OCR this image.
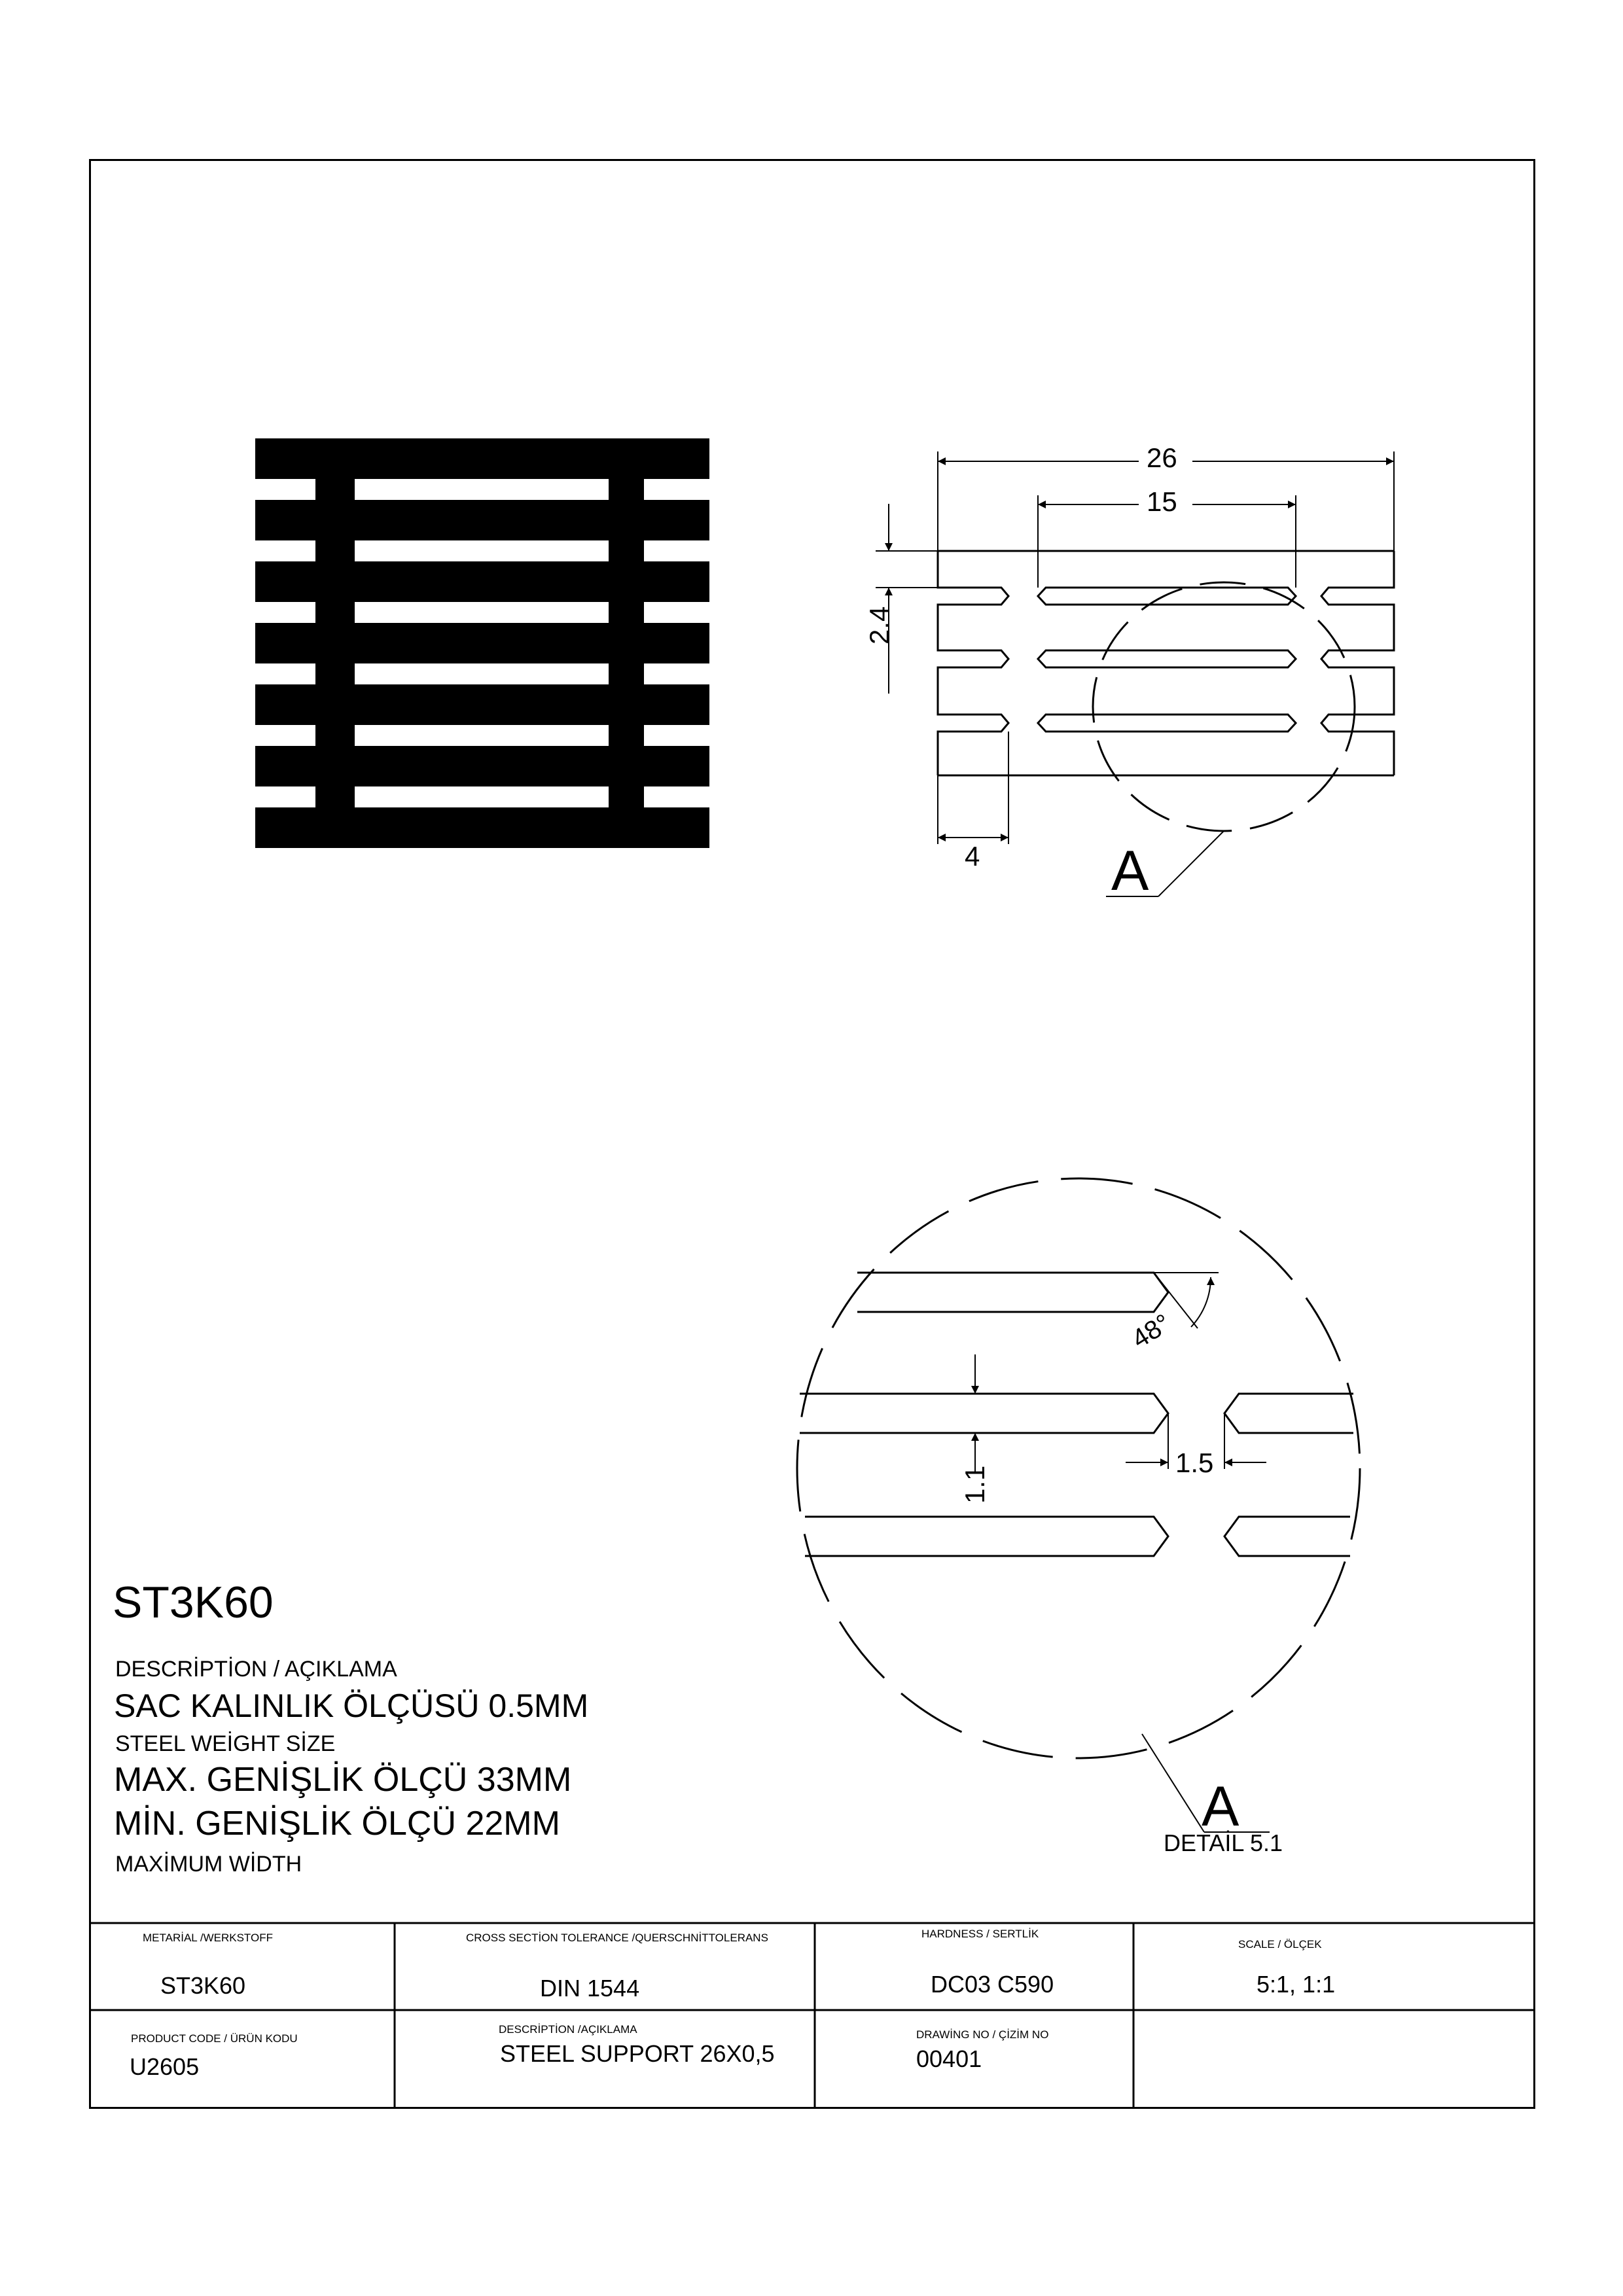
26
15
2.4
4 A
48°
1.1
1.5
A
DETAİL 5.1
ST3K60
DESCRİPTİON / AÇIKLAMA
SAC KALINLIK ÖLÇÜSÜ 0.5MM
STEEL WEİGHT SİZE
MAX. GENİŞLİK ÖLÇÜ 33MM
MİN. GENİŞLİK ÖLÇÜ 22MM
MAXİMUM WİDTH
METARİAL /WERKSTOFF
ST3K60
CROSS SECTİON TOLERANCE /QUERSCHNİTTOLERANS
DIN 1544
HARDNESS / SERTLİK
DC03 C590
SCALE / ÖLÇEK
5:1, 1:1
PRODUCT CODE / ÜRÜN KODU
U2605
DESCRİPTİON /AÇIKLAMA
STEEL SUPPORT 26X0,5
DRAWİNG NO / ÇİZİM NO
00401
